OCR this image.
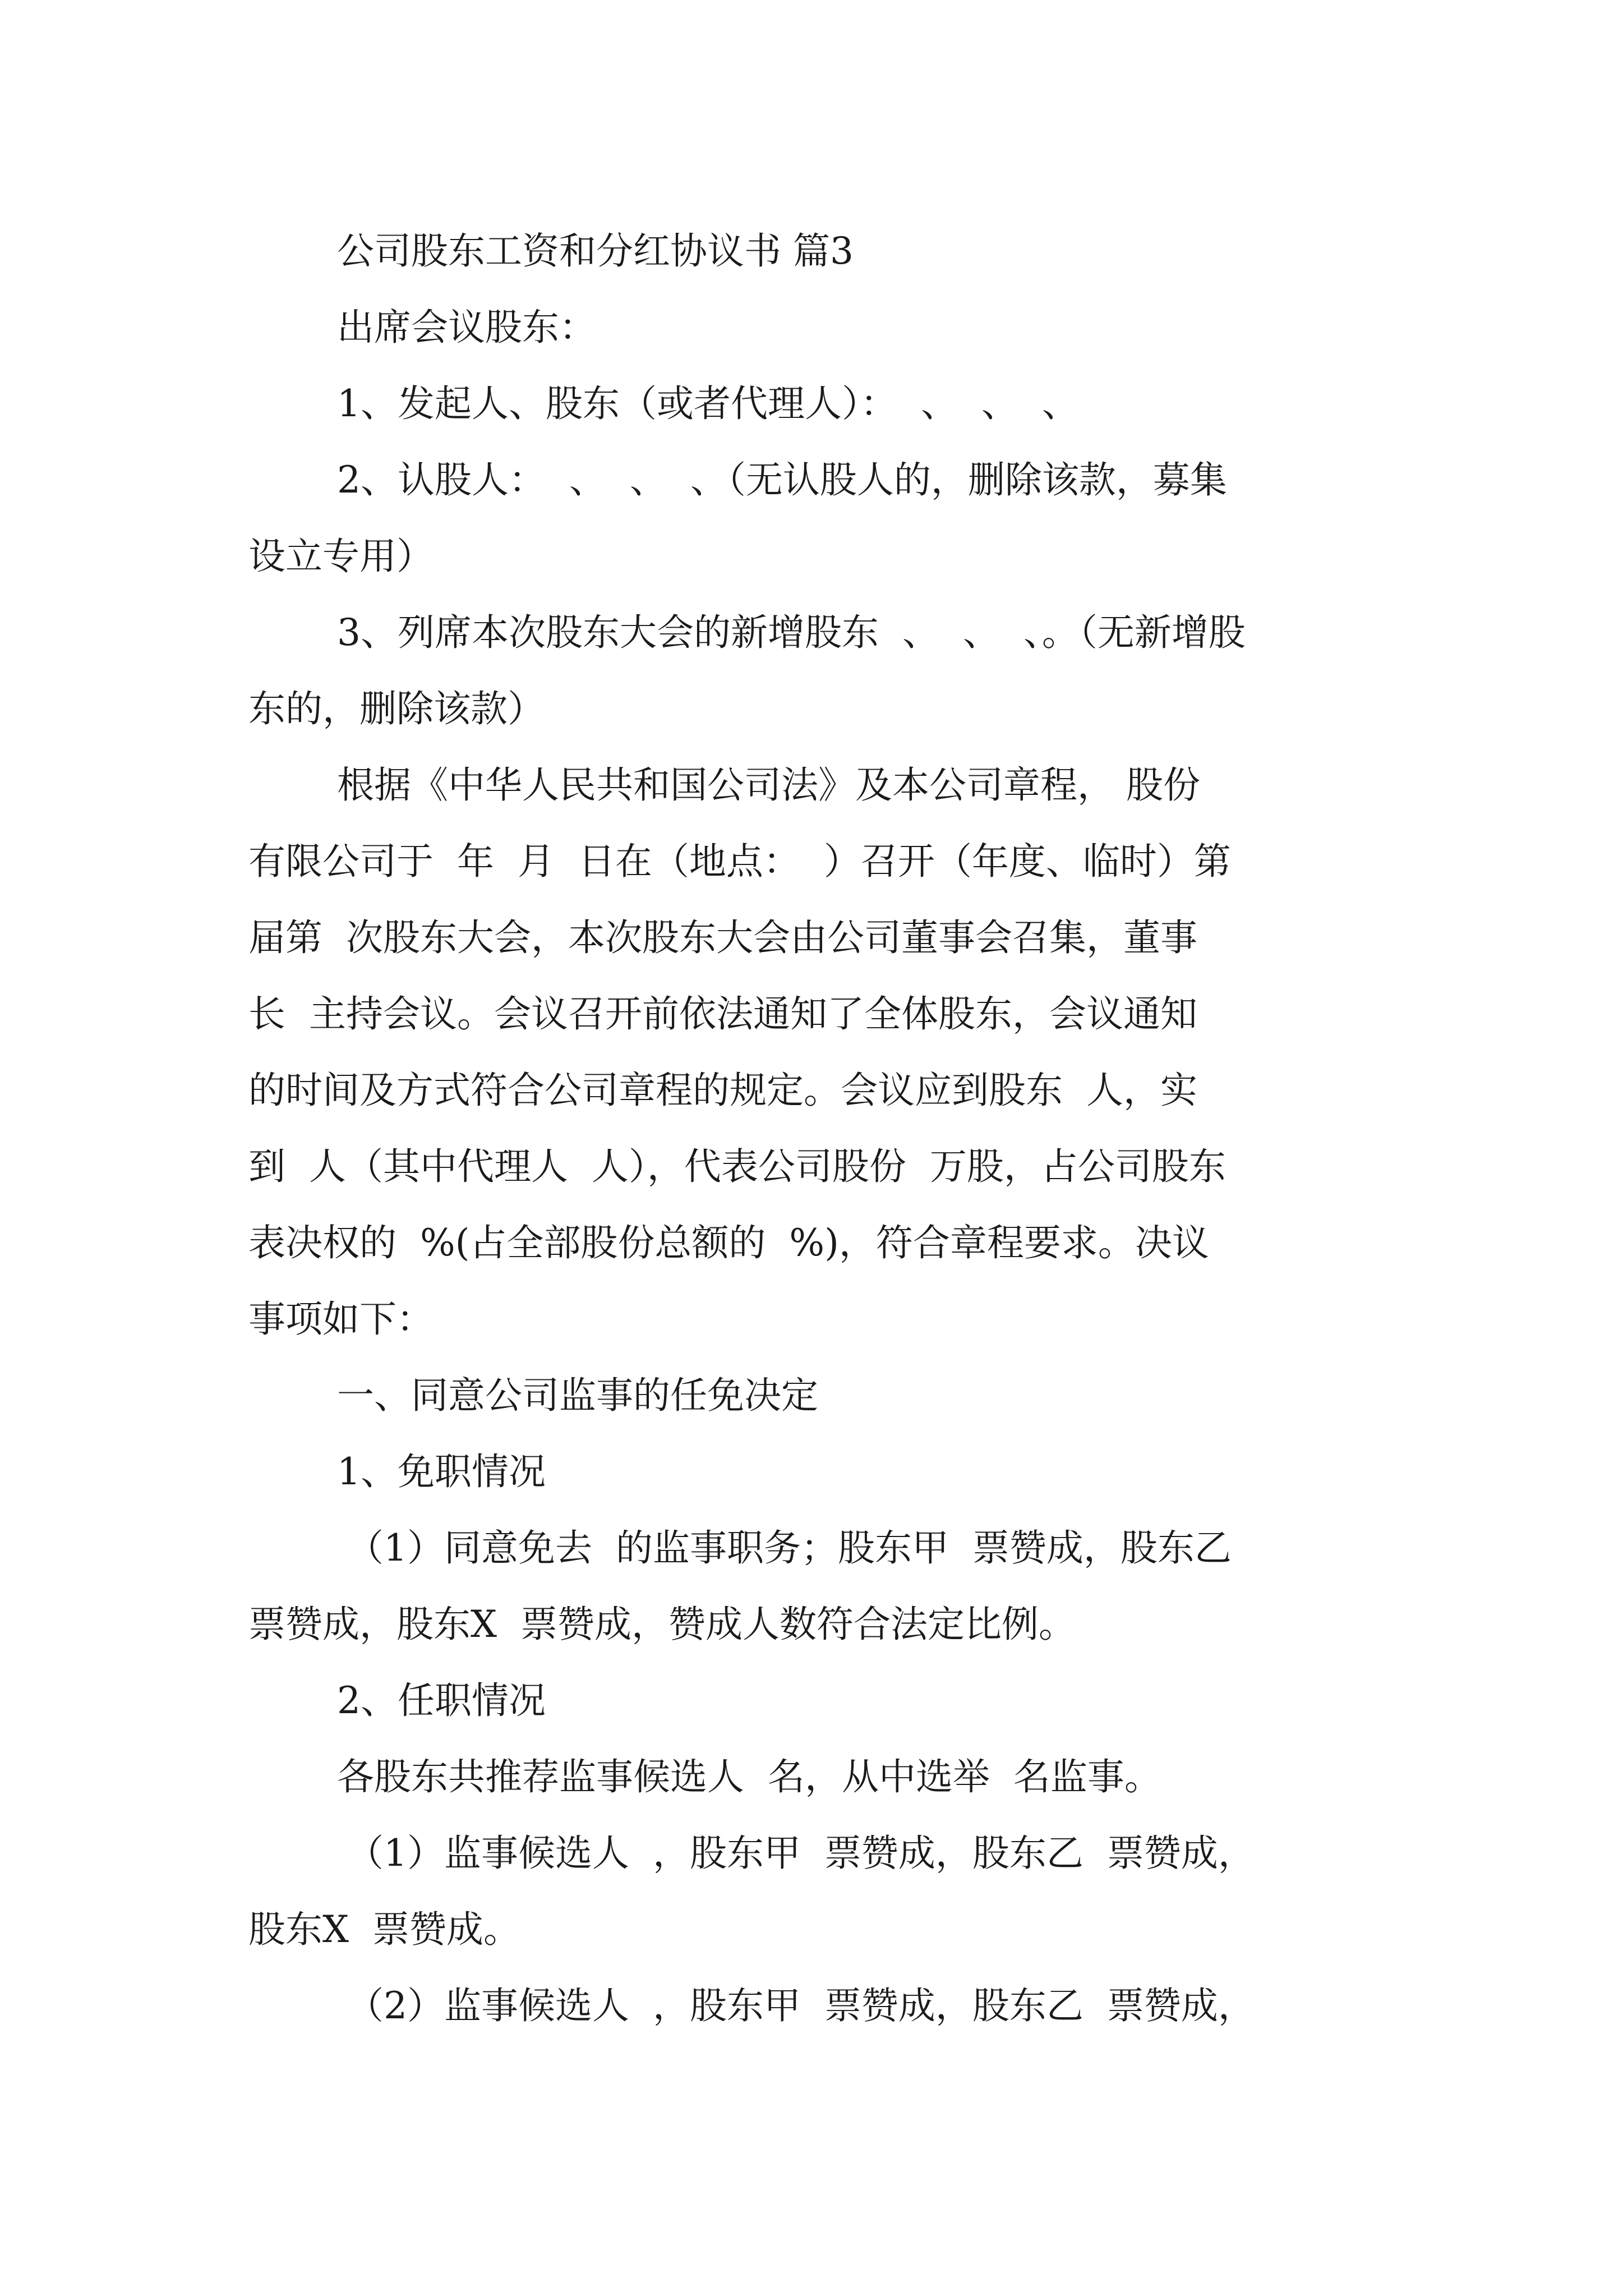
公司股东工资和分红协议书 篇3
出席会议股东：
1、发起人、股东（或者代理人）：  、  、  、
2、认股人：  、  、  、（无认股人的，删除该款，募集
设立专用）
3、列席本次股东大会的新增股东  、  、  、。（无新增股
东的，删除该款）
根据《中华人民共和国公司法》及本公司章程， 股份
有限公司于  年  月  日在（地点：  ）召开（年度、临时）第
届第  次股东大会，本次股东大会由公司董事会召集，董事
长  主持会议。会议召开前依法通知了全体股东，会议通知
的时间及方式符合公司章程的规定。会议应到股东  人，实
到  人（其中代理人  人），代表公司股份  万股，占公司股东
表决权的  %(占全部股份总额的  %)，符合章程要求。决议
事项如下：
一、同意公司监事的任免决定
1、免职情况
（1）同意免去  的监事职务；股东甲  票赞成，股东乙
票赞成，股东X  票赞成，赞成人数符合法定比例。
2、任职情况
各股东共推荐监事候选人  名，从中选举  名监事。
（1）监事候选人  ，股东甲  票赞成，股东乙  票赞成，
股东X  票赞成。
（2）监事候选人  ，股东甲  票赞成，股东乙  票赞成，
